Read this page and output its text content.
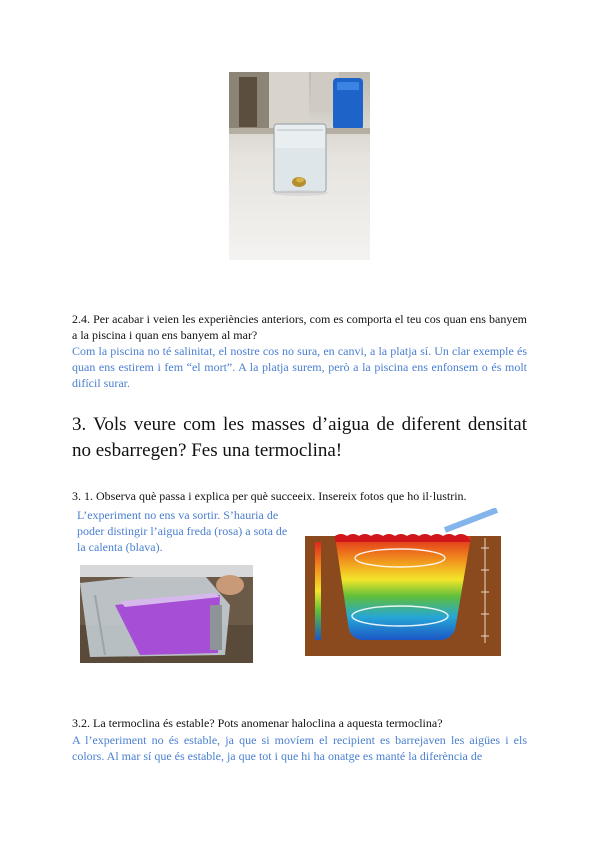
2.4. Per acabar i veien les experiències anteriors, com es comporta el teu cos quan ens banyem a la piscina i quan ens banyem al mar?
Com la piscina no té salinitat, el nostre cos no sura, en canvi, a la platja sí. Un clar exemple és quan ens estirem i fem “el mort”. A la platja surem, però a la piscina ens enfonsem o és molt difícil surar.
3. Vols veure com les masses d’aigua de diferent densitat no esbarregen? Fes una termoclina!
3. 1. Observa què passa i explica per què succeeix. Insereix fotos que ho il·lustrin.
L’experiment no ens va sortir. S’hauria de poder distingir l’aigua freda (rosa) a sota de la calenta (blava).
3.2. La termoclina és estable? Pots anomenar haloclina a aquesta termoclina?
A l’experiment no és estable, ja que si movíem el recipient es barrejaven les aigües i els colors. Al mar sí que és estable, ja que tot i que hi ha onatge es manté la diferència de
